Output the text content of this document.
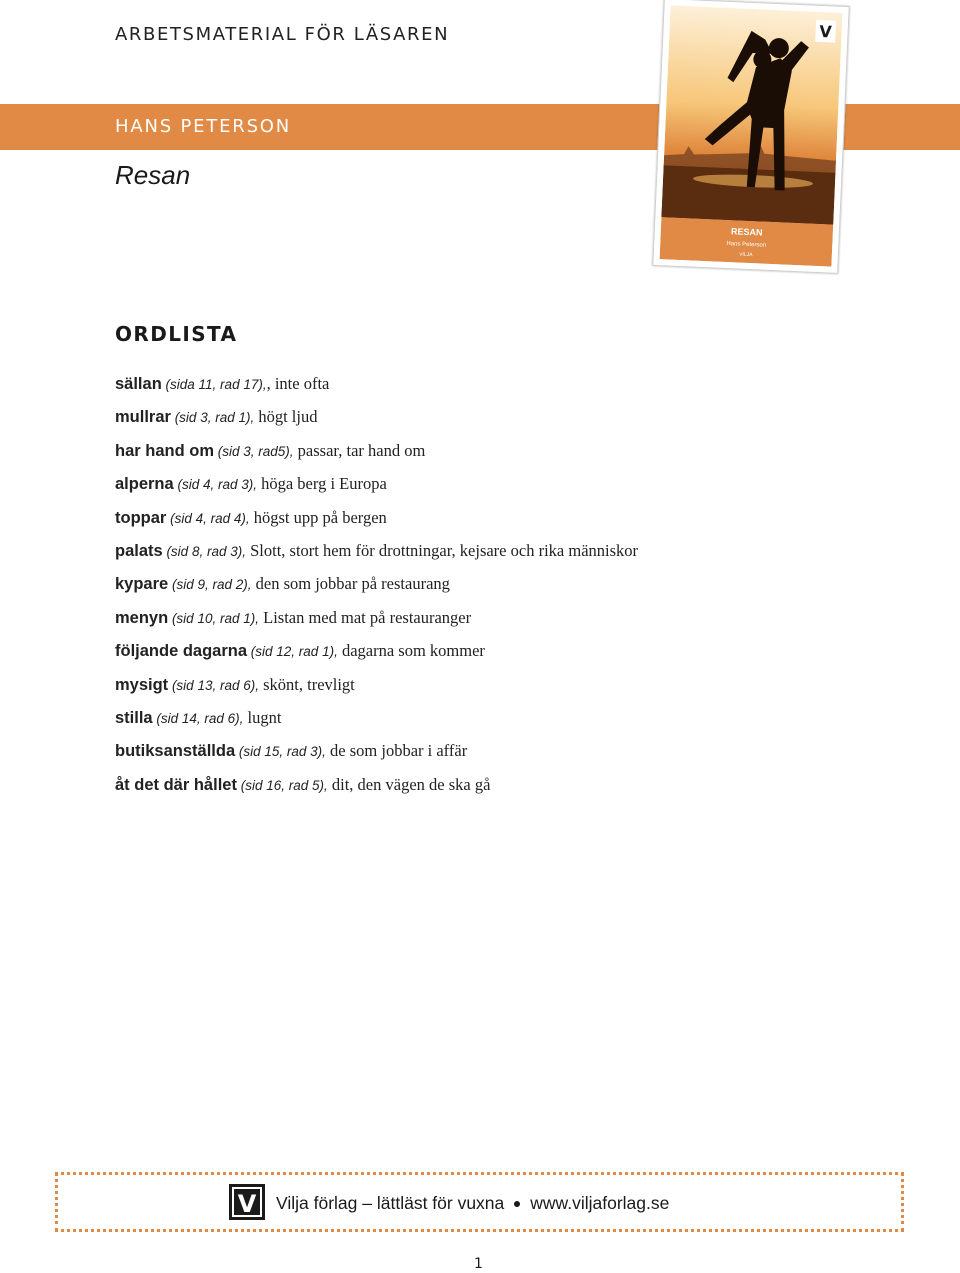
ARBETSMATERIAL FÖR LÄSAREN
HANS PETERSON
Resan
V
RESAN
Hans Peterson
VILJA
ORDLISTA
sällan (sida 11, rad 17),, inte ofta
mullrar (sid 3, rad 1), högt ljud
har hand om (sid 3, rad5), passar, tar hand om
alperna (sid 4, rad 3), höga berg i Europa
toppar (sid 4, rad 4), högst upp på bergen
palats (sid 8, rad 3), Slott, stort hem för drottningar, kejsare och rika människor
kypare (sid 9, rad 2), den som jobbar på restaurang
menyn (sid 10, rad 1), Listan med mat på restauranger
följande dagarna (sid 12, rad 1), dagarna som kommer
mysigt (sid 13, rad 6), skönt, trevligt
stilla (sid 14, rad 6), lugnt
butiksanställda (sid 15, rad 3), de som jobbar i affär
åt det där hållet (sid 16, rad 5), dit, den vägen de ska gå
V Vilja förlag – lättläst för vuxna www.viljaforlag.se
1
